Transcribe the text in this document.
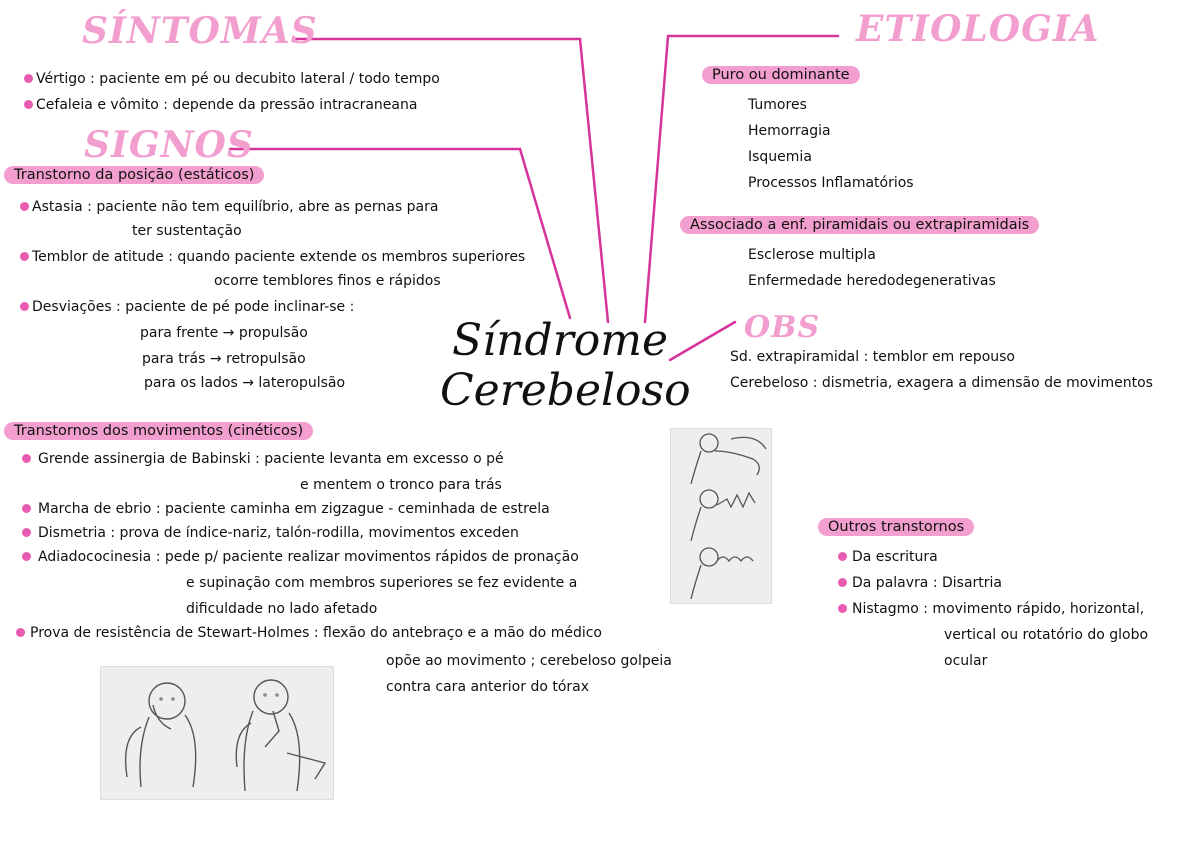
SÍNTOMAS
Vértigo : paciente em pé ou decubito lateral / todo tempo
Cefaleia e vômito : depende da pressão intracraneana
SIGNOS
Transtorno da posição (estáticos)
Astasia : paciente não tem equilíbrio, abre as pernas para
ter sustentação
Temblor de atitude : quando paciente extende os membros superiores
ocorre temblores finos e rápidos
Desviações : paciente de pé pode inclinar-se :
para frente → propulsão
para trás → retropulsão
para os lados → lateropulsão
Síndrome
Cerebeloso
Transtornos dos movimentos (cinéticos)
Grende assinergia de Babinski : paciente levanta em excesso o pé
e mentem o tronco para trás
Marcha de ebrio : paciente caminha em zigzague - ceminhada de estrela
Dismetria : prova de índice-nariz, talón-rodilla, movimentos exceden
Adiadococinesia : pede p/ paciente realizar movimentos rápidos de pronação
e supinação com membros superiores se fez evidente a
dificuldade no lado afetado
Prova de resistência de Stewart-Holmes : flexão do antebraço e a mão do médico
opõe ao movimento ; cerebeloso golpeia
contra cara anterior do tórax
ETIOLOGIA
Puro ou dominante
Tumores
Hemorragia
Isquemia
Processos Inflamatórios
Associado a enf. piramidais ou extrapiramidais
Esclerose multipla
Enfermedade heredodegenerativas
OBS
Sd. extrapiramidal : temblor em repouso
Cerebeloso : dismetria, exagera a dimensão de movimentos
Outros transtornos
Da escritura
Da palavra : Disartria
Nistagmo : movimento rápido, horizontal,
vertical ou rotatório do globo
ocular
